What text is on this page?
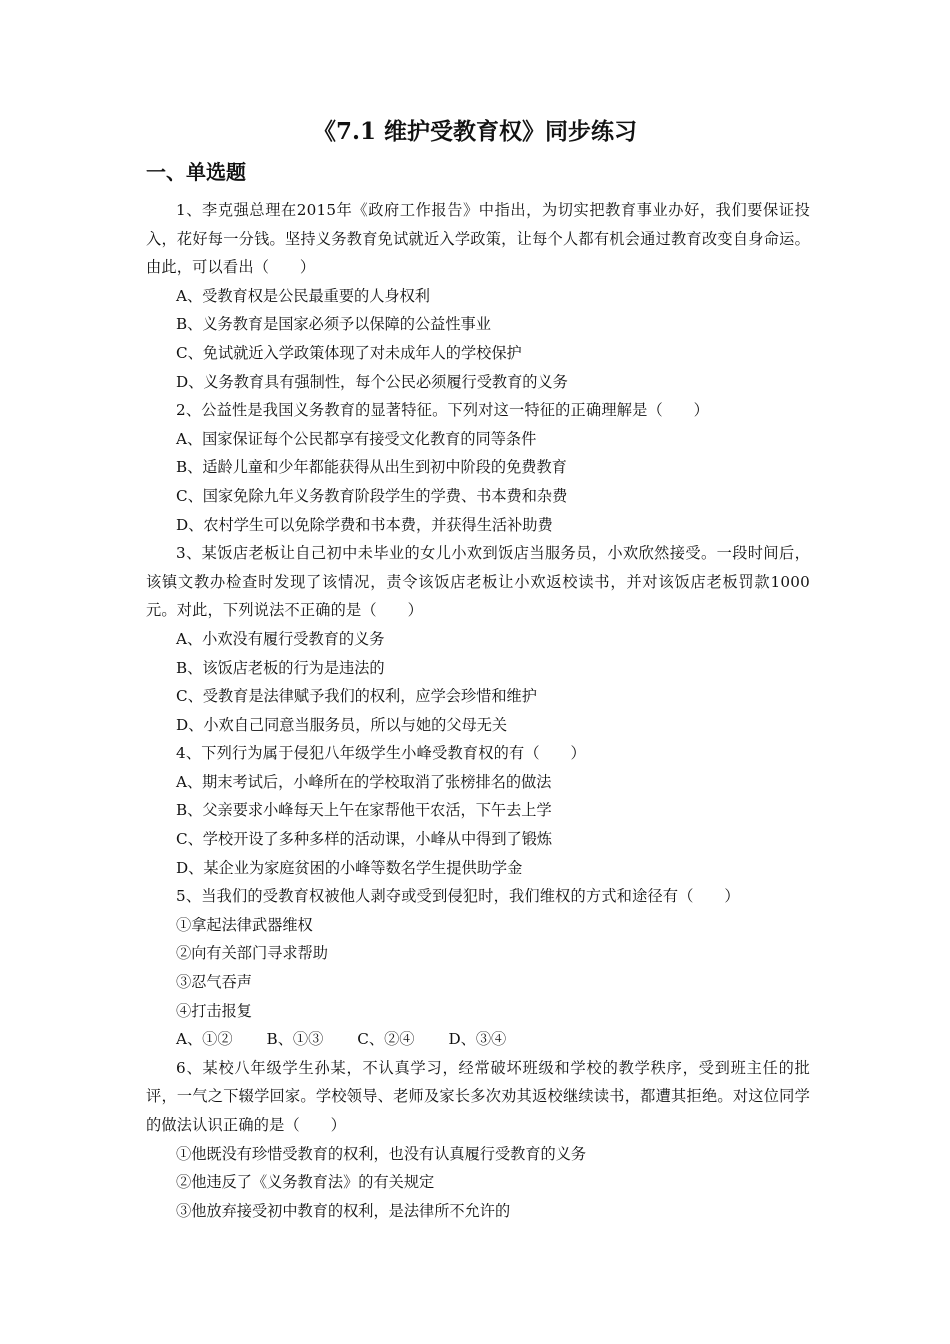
《7.1 维护受教育权》同步练习
一、单选题

1、李克强总理在2015年《政府工作报告》中指出，为切实把教育事业办好，我们要保证投入，花好每一分钱。坚持义务教育免试就近入学政策，让每个人都有机会通过教育改变自身命运。由此，可以看出（　　）

A、受教育权是公民最重要的人身权利

B、义务教育是国家必须予以保障的公益性事业

C、免试就近入学政策体现了对未成年人的学校保护

D、义务教育具有强制性，每个公民必须履行受教育的义务

2、公益性是我国义务教育的显著特征。下列对这一特征的正确理解是（　　）

A、国家保证每个公民都享有接受文化教育的同等条件

B、适龄儿童和少年都能获得从出生到初中阶段的免费教育

C、国家免除九年义务教育阶段学生的学费、书本费和杂费

D、农村学生可以免除学费和书本费，并获得生活补助费

3、某饭店老板让自己初中未毕业的女儿小欢到饭店当服务员，小欢欣然接受。一段时间后，该镇文教办检查时发现了该情况，责令该饭店老板让小欢返校读书，并对该饭店老板罚款1000元。对此，下列说法不正确的是（　　）

A、小欢没有履行受教育的义务

B、该饭店老板的行为是违法的

C、受教育是法律赋予我们的权利，应学会珍惜和维护

D、小欢自己同意当服务员，所以与她的父母无关

4、下列行为属于侵犯八年级学生小峰受教育权的有（　　）

A、期末考试后，小峰所在的学校取消了张榜排名的做法

B、父亲要求小峰每天上午在家帮他干农活，下午去上学

C、学校开设了多种多样的活动课，小峰从中得到了锻炼

D、某企业为家庭贫困的小峰等数名学生提供助学金

5、当我们的受教育权被他人剥夺或受到侵犯时，我们维权的方式和途径有（　　）

①拿起法律武器维权

②向有关部门寻求帮助

③忍气吞声

④打击报复

A、①② B、①③ C、②④ D、③④

6、某校八年级学生孙某，不认真学习，经常破坏班级和学校的教学秩序，受到班主任的批评，一气之下辍学回家。学校领导、老师及家长多次劝其返校继续读书，都遭其拒绝。对这位同学的做法认识正确的是（　　）

①他既没有珍惜受教育的权利，也没有认真履行受教育的义务

②他违反了《义务教育法》的有关规定

③他放弃接受初中教育的权利，是法律所不允许的
